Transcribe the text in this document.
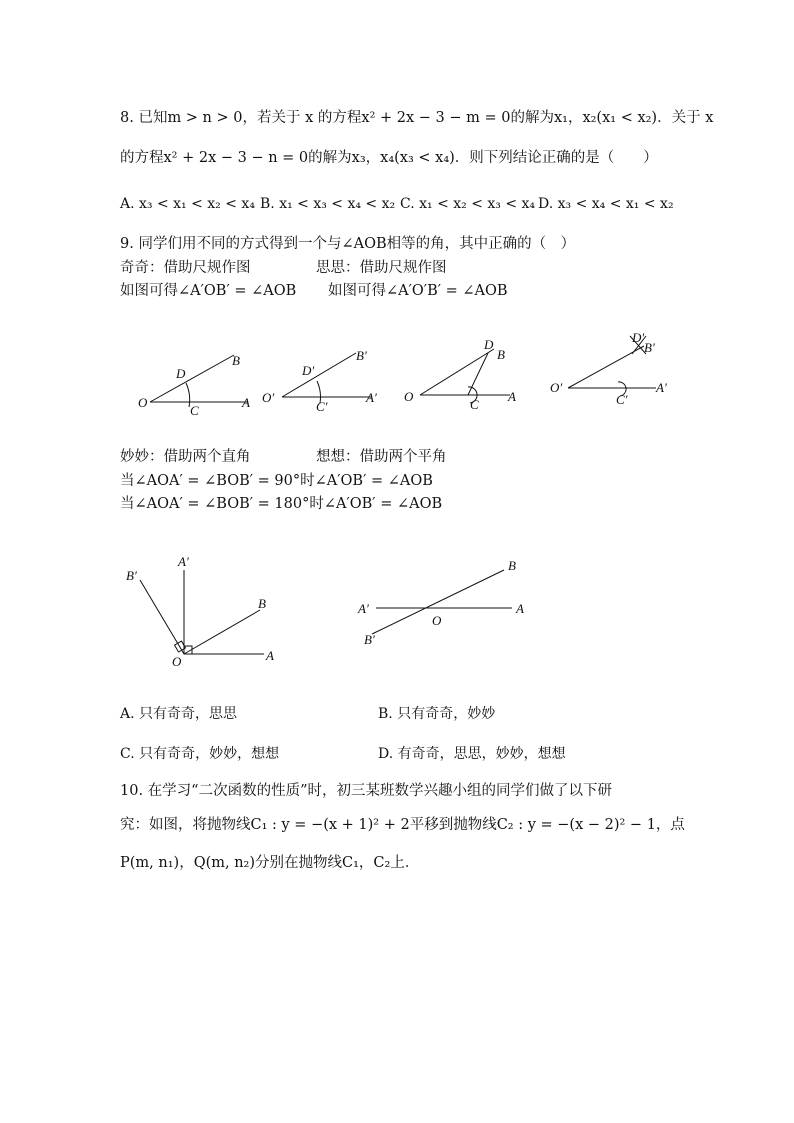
8. 已知m > n > 0，若关于 x 的方程x² + 2x − 3 − m = 0的解为x₁，x₂(x₁ < x₂)．关于 x
的方程x² + 2x − 3 − n = 0的解为x₃，x₄(x₃ < x₄)．则下列结论正确的是（　　）
A. x₃ < x₁ < x₂ < x₄ B. x₁ < x₃ < x₄ < x₂ C. x₁ < x₂ < x₃ < x₄ D. x₃ < x₄ < x₁ < x₂
9. 同学们用不同的方式得到一个与∠AOB相等的角，其中正确的（　）
奇奇：借助尺规作图	思思：借助尺规作图
如图可得∠A′OB′ = ∠AOB 如图可得∠A′O′B′ = ∠AOB
O	A
B
C
D
O′	A′
B′
C′
D′
O	A
B
D
C
O′	A′
B′
D′
C′
妙妙：借助两个直角	想想：借助两个平角
当∠AOA′ = ∠BOB′ = 90°时∠A′OB′ = ∠AOB
当∠AOA′ = ∠BOB′ = 180°时∠A′OB′ = ∠AOB
O	A
B
A′
B′
O
A
B
A′
B′
A. 只有奇奇，思思	B. 只有奇奇，妙妙
C. 只有奇奇，妙妙，想想	D. 有奇奇，思思，妙妙，想想
10. 在学习“二次函数的性质”时，初三某班数学兴趣小组的同学们做了以下研
究：如图，将抛物线C₁ : y = −(x + 1)² + 2平移到抛物线C₂ : y = −(x − 2)² − 1，点
P(m, n₁)，Q(m, n₂)分别在抛物线C₁，C₂上．
